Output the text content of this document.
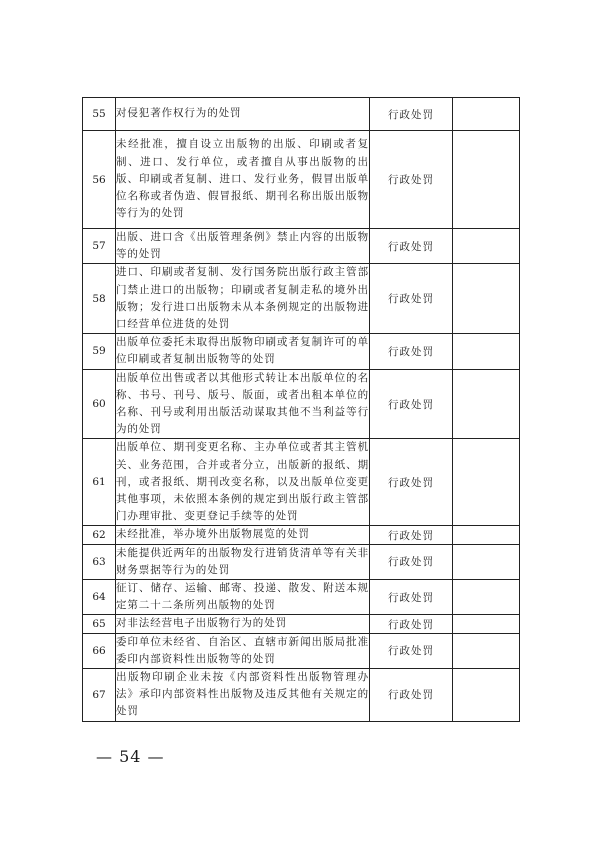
55	对侵犯著作权行为的处罚	行政处罚	
56	未经批准，擅自设立出版物的出版、印刷或者复制、进口、发行单位，或者擅自从事出版物的出版、印刷或者复制、进口、发行业务，假冒出版单位名称或者伪造、假冒报纸、期刊名称出版出版物等行为的处罚	行政处罚	
57	出版、进口含《出版管理条例》禁止内容的出版物等的处罚	行政处罚	
58	进口、印刷或者复制、发行国务院出版行政主管部门禁止进口的出版物；印刷或者复制走私的境外出版物；发行进口出版物未从本条例规定的出版物进口经营单位进货的处罚	行政处罚	
59	出版单位委托未取得出版物印刷或者复制许可的单位印刷或者复制出版物等的处罚	行政处罚	
60	出版单位出售或者以其他形式转让本出版单位的名称、书号、刊号、版号、版面，或者出租本单位的名称、刊号或利用出版活动谋取其他不当利益等行为的处罚	行政处罚	
61	出版单位、期刊变更名称、主办单位或者其主管机关、业务范围，合并或者分立，出版新的报纸、期刊，或者报纸、期刊改变名称，以及出版单位变更其他事项，未依照本条例的规定到出版行政主管部门办理审批、变更登记手续等的处罚	行政处罚	
62	未经批准，举办境外出版物展览的处罚	行政处罚	
63	未能提供近两年的出版物发行进销货清单等有关非财务票据等行为的处罚	行政处罚	
64	征订、储存、运输、邮寄、投递、散发、附送本规定第二十二条所列出版物的处罚	行政处罚	
65	对非法经营电子出版物行为的处罚	行政处罚	
66	委印单位未经省、自治区、直辖市新闻出版局批准委印内部资料性出版物等的处罚	行政处罚	
67	出版物印刷企业未按《内部资料性出版物管理办法》承印内部资料性出版物及违反其他有关规定的处罚	行政处罚	
— 54 —
